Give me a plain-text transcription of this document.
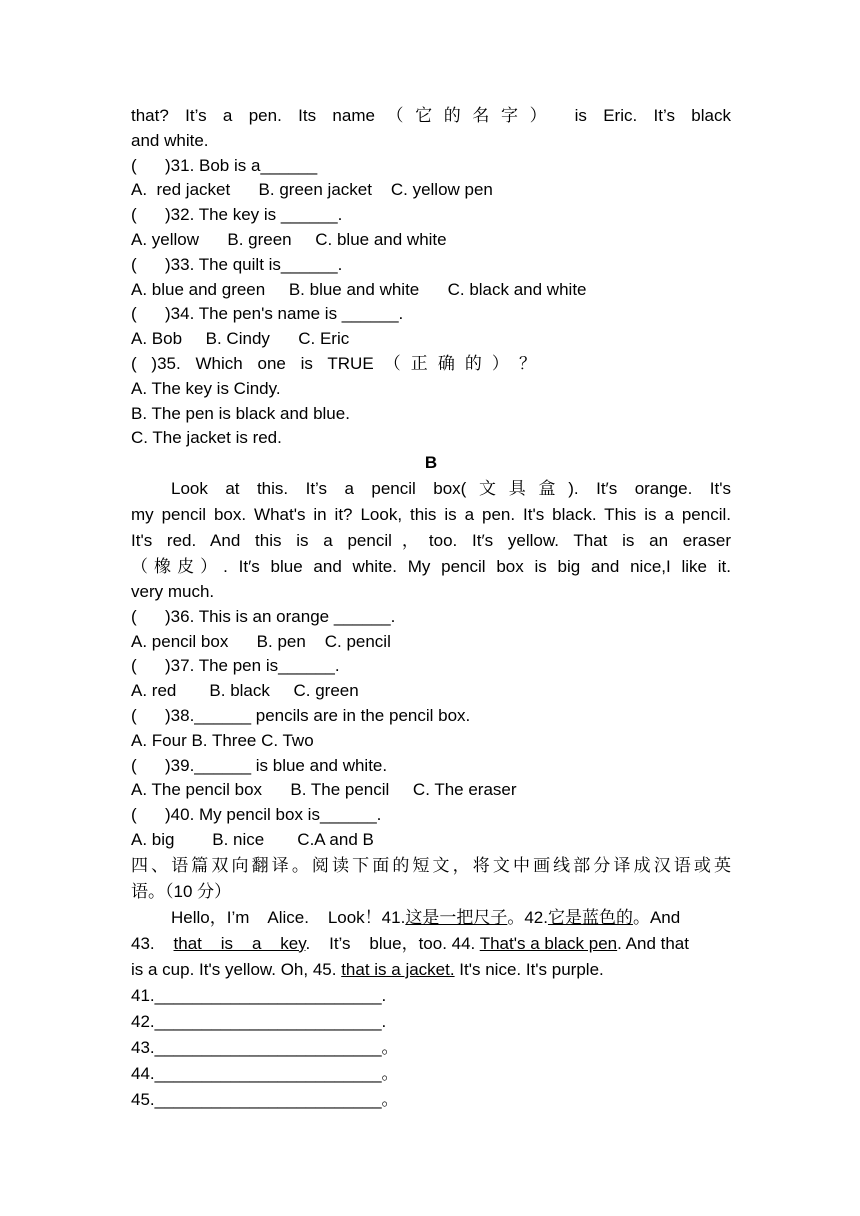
that? It’s a pen. Its name（它的名字） is Eric. It’s black
and white.
(      )31. Bob is a______
A.  red jacket      B. green jacket    C. yellow pen
(      )32. The key is ______.
A. yellow      B. green     C. blue and white
(      )33. The quilt is______.
A. blue and green     B. blue and white      C. black and white
(      )34. The pen's name is ______.
A. Bob     B. Cindy      C. Eric
( )35. Which one is TRUE（正确的）？
A. The key is Cindy.
B. The pen is black and blue.
C. The jacket is red.
B
Look at this. It’s a pencil box(文具盒). It′s orange. It's
my pencil box. What's in it? Look, this is a pen. It's black. This is a pencil.
It's red. And this is a pencil，too. It′s yellow. That is an eraser
（橡皮）. It′s blue and white. My pencil box is big and nice,I like it.
very much.
(      )36. This is an orange ______.
A. pencil box      B. pen    C. pencil
(      )37. The pen is______.
A. red       B. black     C. green
(      )38.______ pencils are in the pencil box.
A. Four B. Three C. Two
(      )39.______ is blue and white.
A. The pencil box      B. The pencil     C. The eraser
(      )40. My pencil box is______.
A. big        B. nice       C.A and B
四、语篇双向翻译。阅读下面的短文，将文中画线部分译成汉语或英
语。（10 分）
Hello，I’m    Alice.    Look！41.这是一把尺子。42.它是蓝色的。And
43.    that    is    a    key.    It’s    blue，too. 44. That's a black pen. And that
is a cup. It's yellow. Oh, 45. that is a jacket. It's nice. It's purple.
41.________________________.
42.________________________.
43.________________________。
44.________________________。
45.________________________。
